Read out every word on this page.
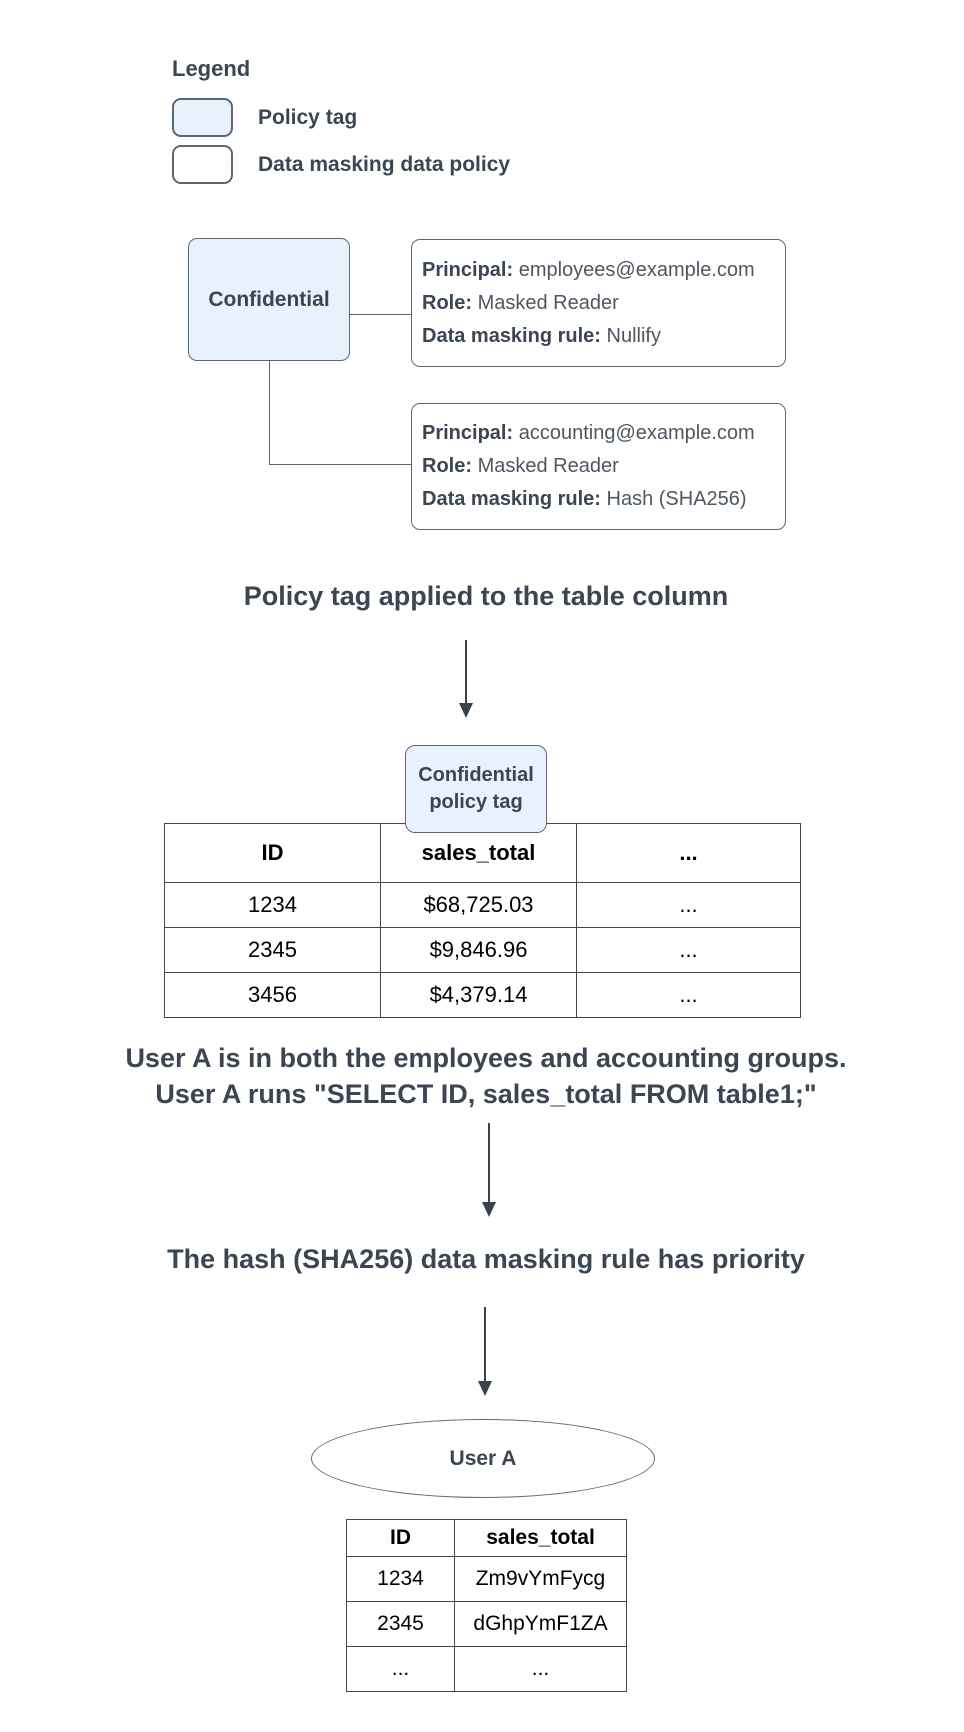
Legend
Policy tag
Data masking data policy
Confidential
Principal: employees@example.com
Role: Masked Reader
Data masking rule: Nullify
Principal: accounting@example.com
Role: Masked Reader
Data masking rule: Hash (SHA256)
Policy tag applied to the table column
Confidential
policy tag
ID	sales_total	...
1234	$68,725.03	...
2345	$9,846.96	...
3456	$4,379.14	...
User A is in both the employees and accounting groups.
User A runs "SELECT ID, sales_total FROM table1;"
The hash (SHA256) data masking rule has priority
User A
ID	sales_total
1234	Zm9vYmFycg
2345	dGhpYmF1ZA
...	...
